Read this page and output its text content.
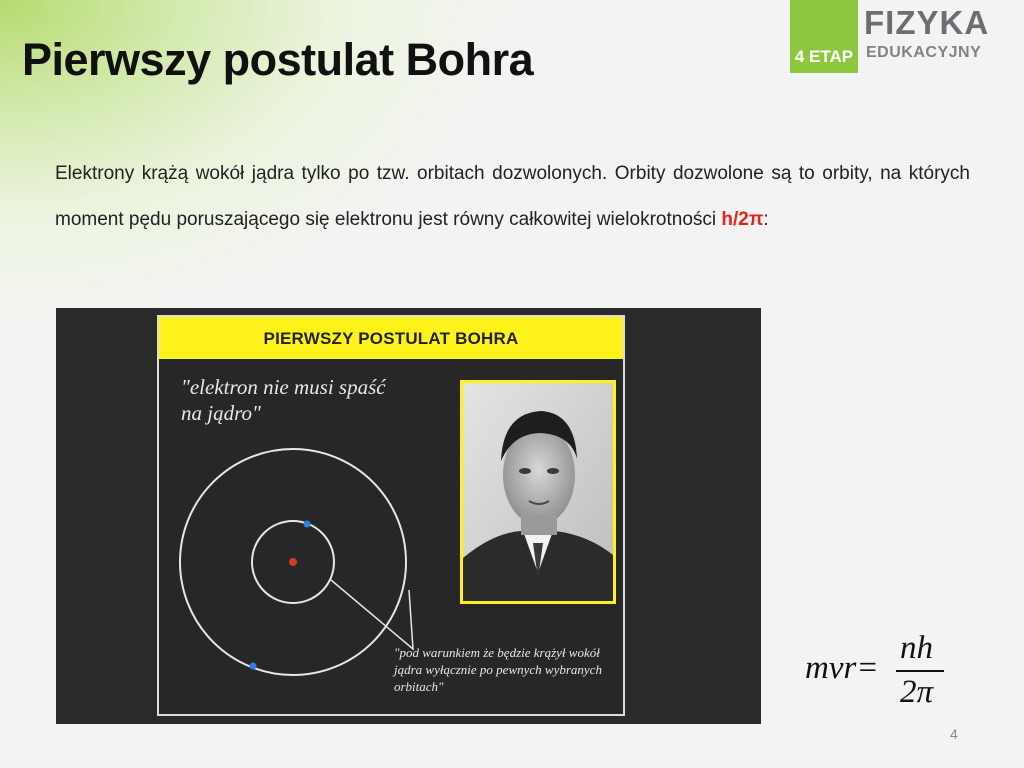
Pierwszy postulat Bohra	4 ETAP
FIZYKA
EDUKACYJNY

Elektrony krążą wokół jądra tylko po tzw. orbitach dozwolonych. Orbity dozwolone są to orbity, na których moment pędu poruszającego się elektronu jest równy całkowitej wielokrotności h/2π:

PIERWSZY POSTULAT BOHRA
"elektron nie musi spaść na jądro"
"pod warunkiem że będzie krążył wokół jądra wyłącznie po pewnych wybranych orbitach"
mvr=
nh
2π
4
